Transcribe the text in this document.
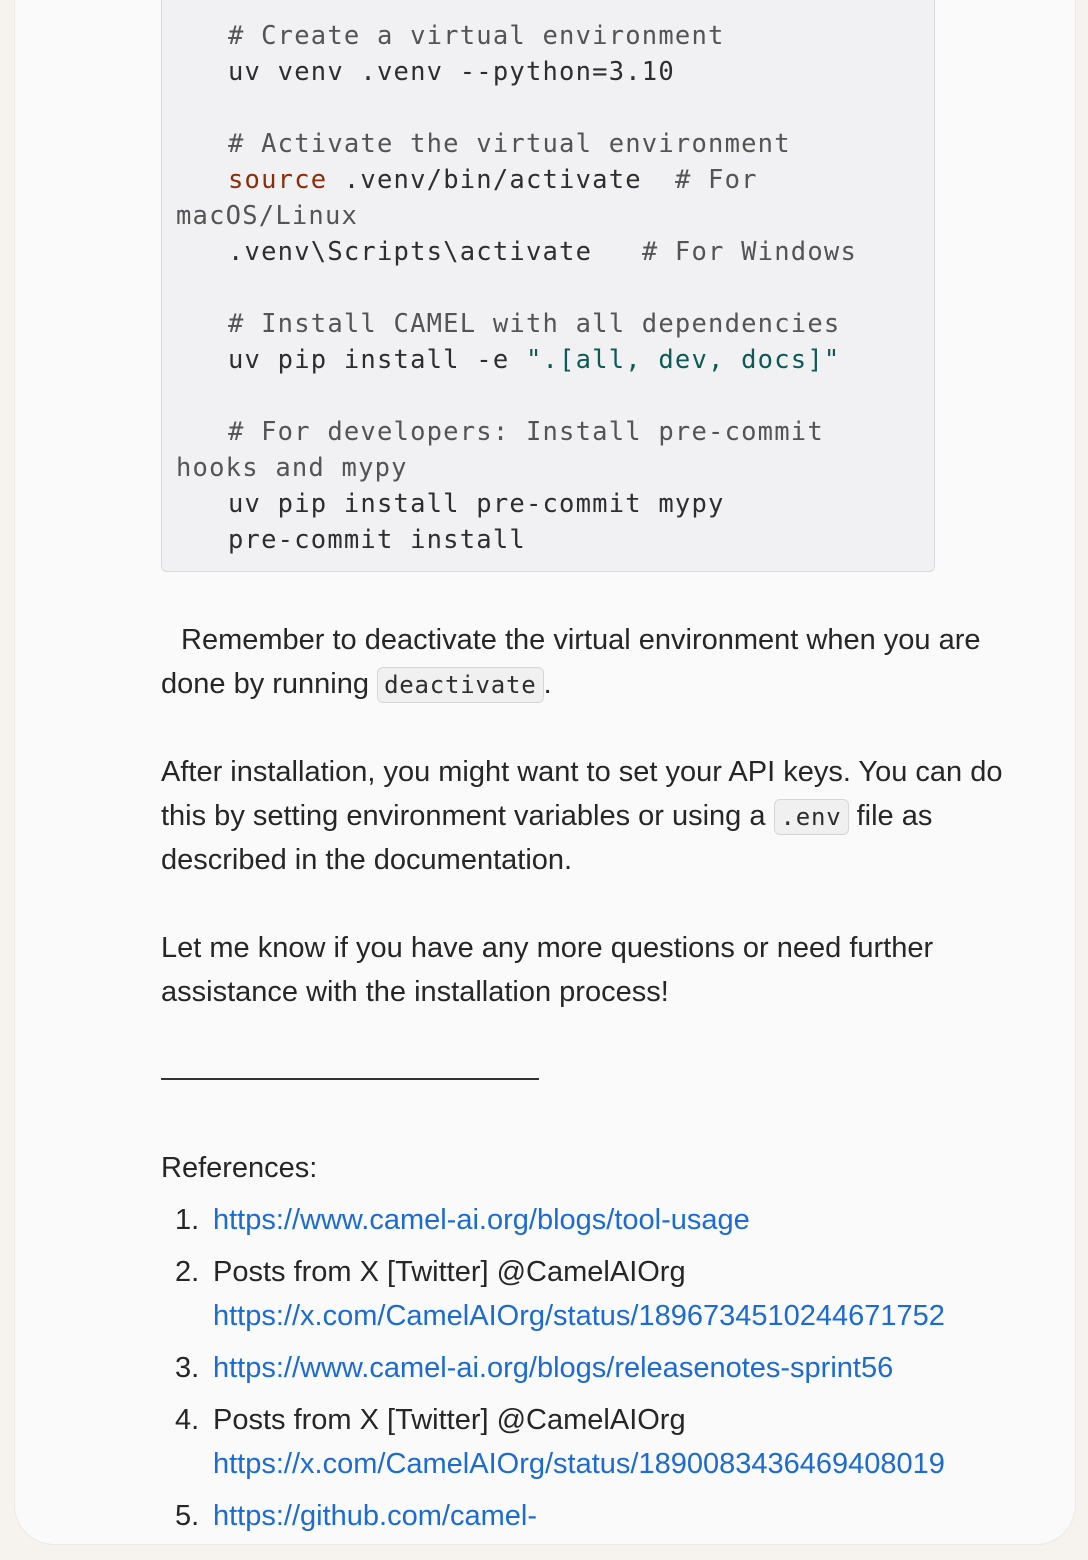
# Create a virtual environment
uv venv .venv --python=3.10
# Activate the virtual environment
source .venv/bin/activate  # For
macOS/Linux
.venv\Scripts\activate   # For Windows
# Install CAMEL with all dependencies
uv pip install -e ".[all, dev, docs]"
# For developers: Install pre-commit
hooks and mypy
uv pip install pre-commit mypy
pre-commit install
Remember to deactivate the virtual environment when you are done by running deactivate .
After installation, you might want to set your API keys. You can do this by setting environment variables or using a .env file as described in the documentation.
Let me know if you have any more questions or need further assistance with the installation process!
References:
1. https://www.camel-ai.org/blogs/tool-usage
2. Posts from X [Twitter] @CamelAIOrg
https://x.com/CamelAIOrg/status/1896734510244671752
3. https://www.camel-ai.org/blogs/releasenotes-sprint56
4. Posts from X [Twitter] @CamelAIOrg
https://x.com/CamelAIOrg/status/1890083436469408019
5. https://github.com/camel-
